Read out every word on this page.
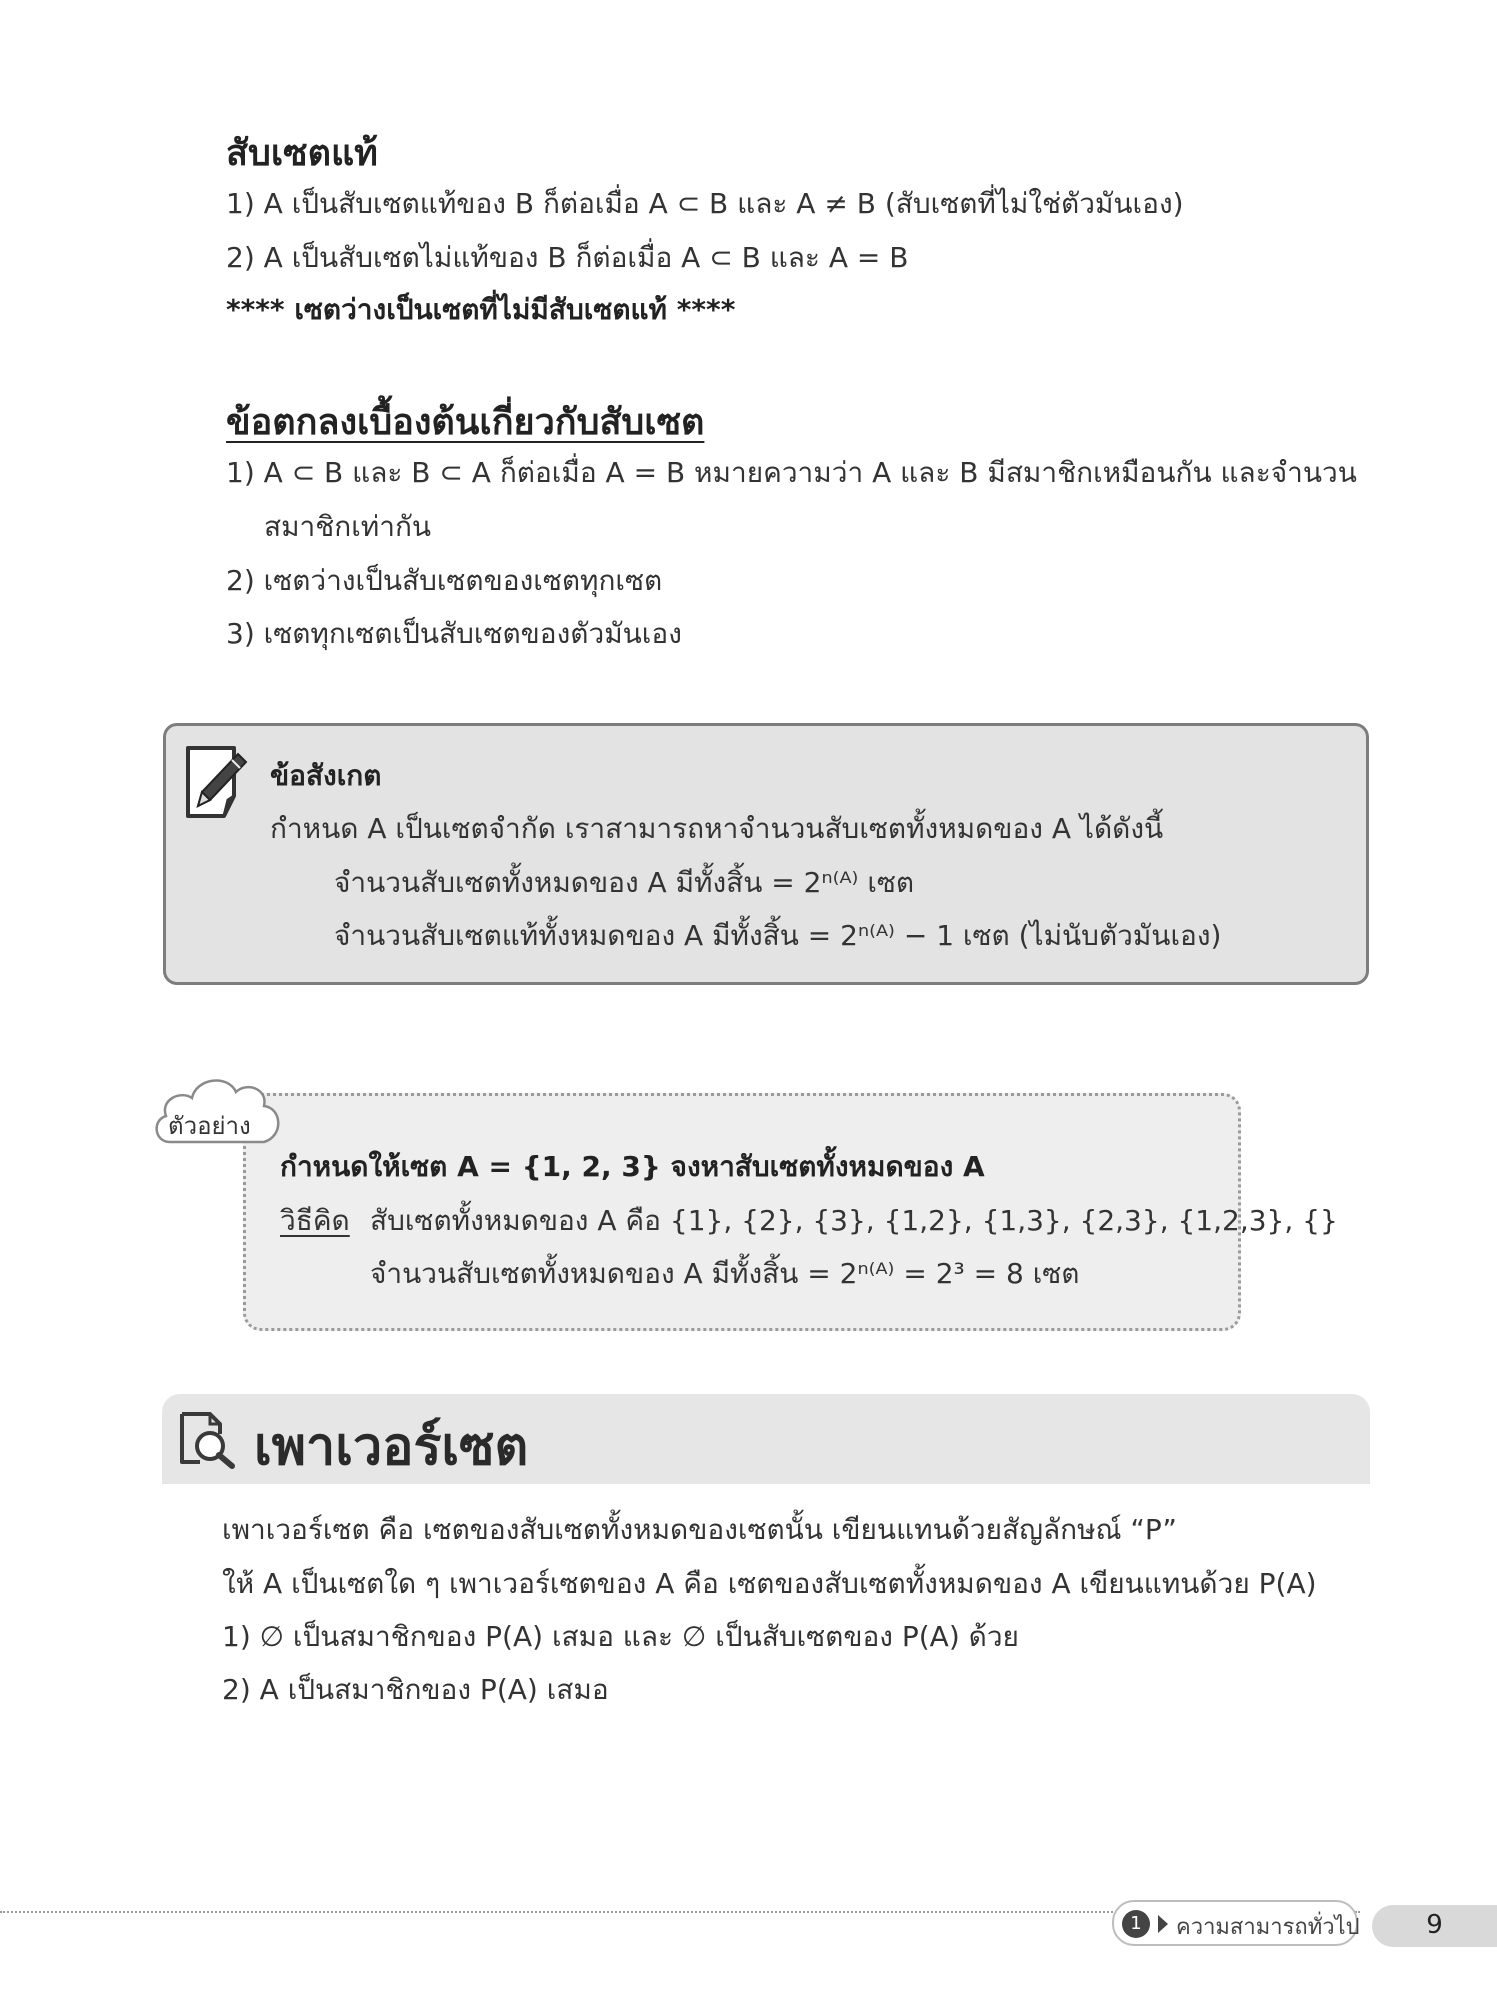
สับเซตแท้
1) A เป็นสับเซตแท้ของ B ก็ต่อเมื่อ A ⊂ B และ A ≠ B (สับเซตที่ไม่ใช่ตัวมันเอง)
2) A เป็นสับเซตไม่แท้ของ B ก็ต่อเมื่อ A ⊂ B และ A = B
**** เซตว่างเป็นเซตที่ไม่มีสับเซตแท้ ****
ข้อตกลงเบื้องต้นเกี่ยวกับสับเซต
1) A ⊂ B และ B ⊂ A ก็ต่อเมื่อ A = B หมายความว่า A และ B มีสมาชิกเหมือนกัน และจำนวน
สมาชิกเท่ากัน
2) เซตว่างเป็นสับเซตของเซตทุกเซต
3) เซตทุกเซตเป็นสับเซตของตัวมันเอง
ข้อสังเกต
กำหนด A เป็นเซตจำกัด เราสามารถหาจำนวนสับเซตทั้งหมดของ A ได้ดังนี้
จำนวนสับเซตทั้งหมดของ A มีทั้งสิ้น = 2ⁿ⁽ᴬ⁾ เซต
จำนวนสับเซตแท้ทั้งหมดของ A มีทั้งสิ้น = 2ⁿ⁽ᴬ⁾ − 1 เซต (ไม่นับตัวมันเอง)
กำหนดให้เซต A = {1, 2, 3} จงหาสับเซตทั้งหมดของ A
วิธีคิด สับเซตทั้งหมดของ A คือ {1}, {2}, {3}, {1,2}, {1,3}, {2,3}, {1,2,3}, {}
จำนวนสับเซตทั้งหมดของ A มีทั้งสิ้น = 2ⁿ⁽ᴬ⁾ = 2³ = 8 เซต
ตัวอย่าง
เพาเวอร์เซต
เพาเวอร์เซต คือ เซตของสับเซตทั้งหมดของเซตนั้น เขียนแทนด้วยสัญลักษณ์ “P”
ให้ A เป็นเซตใด ๆ เพาเวอร์เซตของ A คือ เซตของสับเซตทั้งหมดของ A เขียนแทนด้วย P(A)
1) ∅ เป็นสมาชิกของ P(A) เสมอ และ ∅ เป็นสับเซตของ P(A) ด้วย
2) A เป็นสมาชิกของ P(A) เสมอ
1	ความสามารถทั่วไป	9
